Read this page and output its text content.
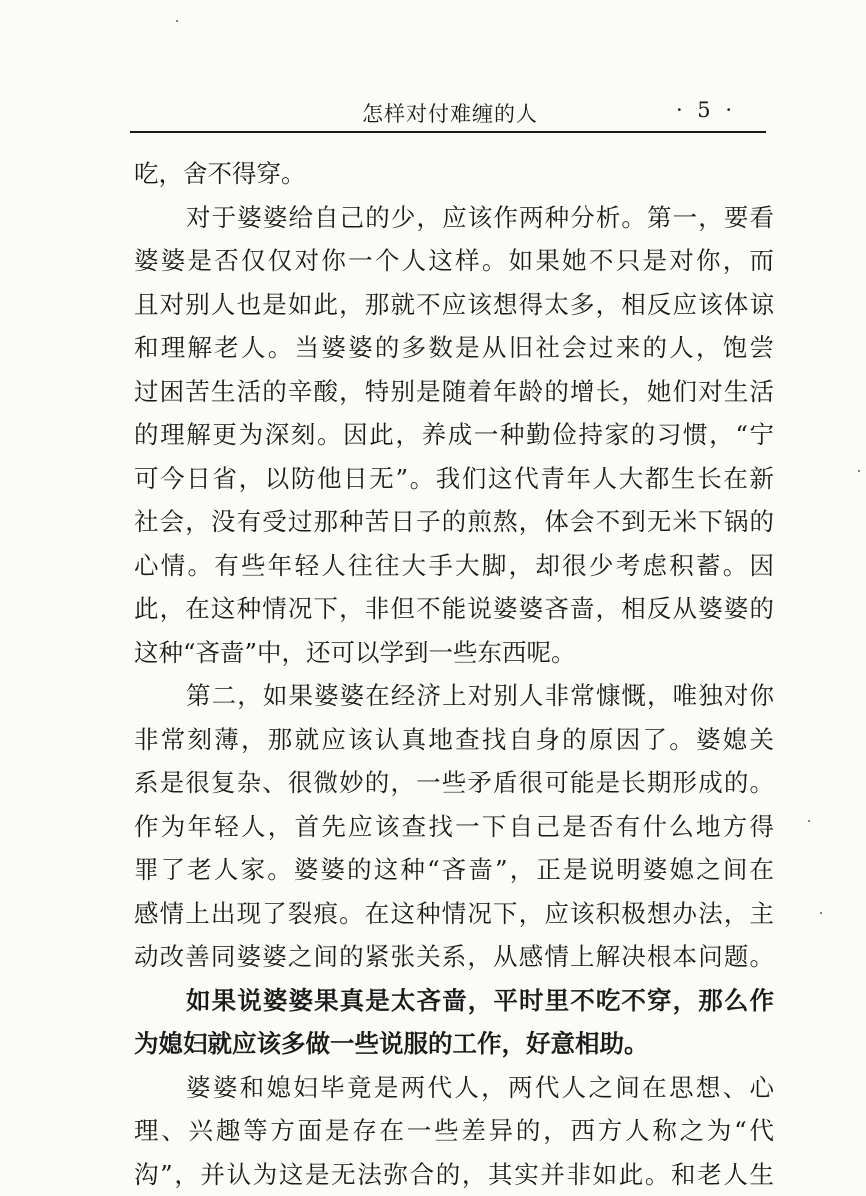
怎样对付难缠的人	· 5 ·
吃，舍不得穿。
对于婆婆给自己的少，应该作两种分析。第一，要看
婆婆是否仅仅对你一个人这样。如果她不只是对你，而
且对别人也是如此，那就不应该想得太多，相反应该体谅
和理解老人。当婆婆的多数是从旧社会过来的人，饱尝
过困苦生活的辛酸，特别是随着年龄的增长，她们对生活
的理解更为深刻。因此，养成一种勤俭持家的习惯，“宁
可今日省，以防他日无”。我们这代青年人大都生长在新
社会，没有受过那种苦日子的煎熬，体会不到无米下锅的
心情。有些年轻人往往大手大脚，却很少考虑积蓄。因
此，在这种情况下，非但不能说婆婆吝啬，相反从婆婆的
这种“吝啬”中，还可以学到一些东西呢。
第二，如果婆婆在经济上对别人非常慷慨，唯独对你
非常刻薄，那就应该认真地查找自身的原因了。婆媳关
系是很复杂、很微妙的，一些矛盾很可能是长期形成的。
作为年轻人，首先应该查找一下自己是否有什么地方得
罪了老人家。婆婆的这种“吝啬”，正是说明婆媳之间在
感情上出现了裂痕。在这种情况下，应该积极想办法，主
动改善同婆婆之间的紧张关系，从感情上解决根本问题。
如果说婆婆果真是太吝啬，平时里不吃不穿，那么作
为媳妇就应该多做一些说服的工作，好意相助。
婆婆和媳妇毕竟是两代人，两代人之间在思想、心
理、兴趣等方面是存在一些差异的，西方人称之为“代
沟”，并认为这是无法弥合的，其实并非如此。和老人生
